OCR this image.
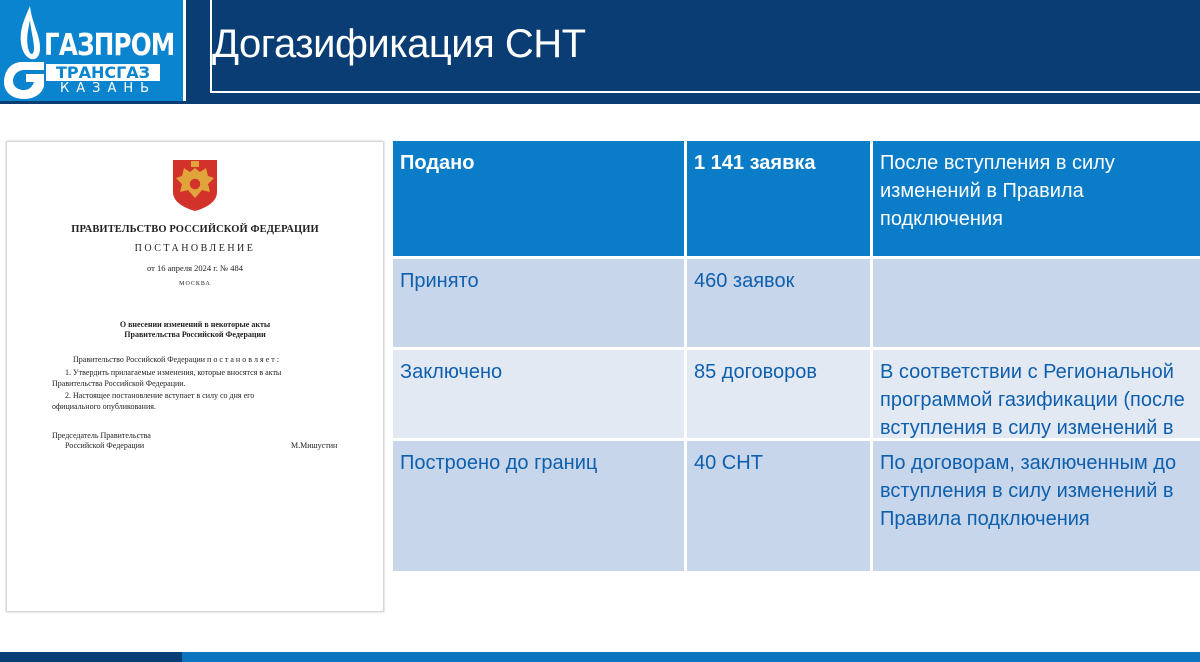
ГАЗПРОМ
ТРАНСГАЗ
КАЗАНЬ
Догазификация СНТ
ПРАВИТЕЛЬСТВО РОССИЙСКОЙ ФЕДЕРАЦИИ
ПОСТАНОВЛЕНИЕ
от 16 апреля 2024 г. № 484
МОСКВА
О внесении изменений в некоторые акты
Правительства Российской Федерации
Правительство Российской Федерации п о с т а н о в л я е т :
1. Утвердить прилагаемые изменения, которые вносятся в акты
Правительства Российской Федерации.
2. Настоящее постановление вступает в силу со дня его
официального опубликования.
Председатель Правительства
Российской Федерации	М.Мишустин
Подано	1 141 заявка	После вступления в силу изменений в Правила подключения
Принято	460 заявок
Заключено	85 договоров	В соответствии с Региональной программой газификации (после вступления в силу изменений в
Построено до границ	40 СНТ	По договорам, заключенным до вступления в силу изменений в Правила подключения
